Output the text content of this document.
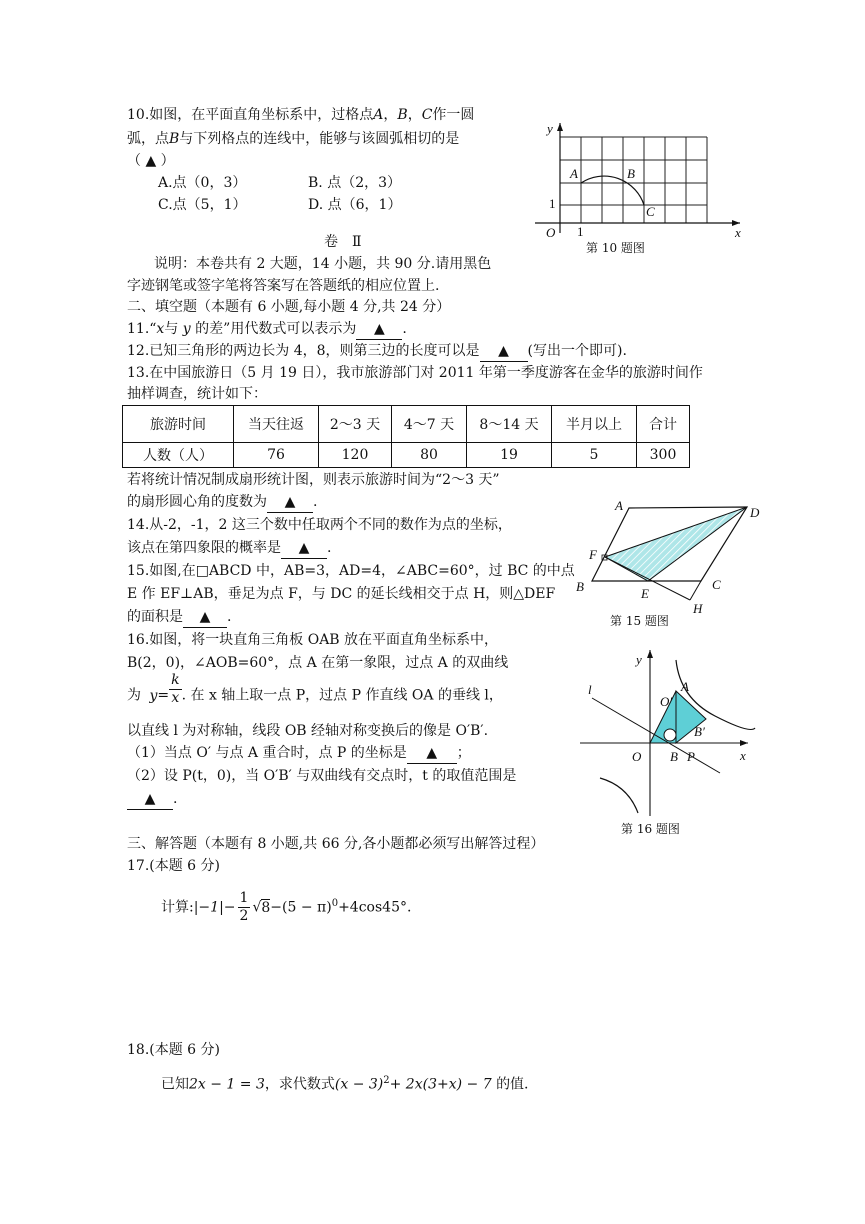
10.如图，在平面直角坐标系中，过格点A，B，C作一圆
弧，点B与下列格点的连线中，能够与该圆弧相切的是
（ ▲ ）
A.点（0，3）	B. 点（2，3）
C.点（5，1）	D. 点（6，1）
y
x
O
1
1
A	B
C
第 10 题图
卷　Ⅱ
说明：本卷共有 2 大题，14 小题，共 90 分.请用黑色
字迹钢笔或签字笔将答案写在答题纸的相应位置上.
二、填空题（本题有 6 小题,每小题 4 分,共 24 分）
11.“x与 y 的差”用代数式可以表示为 ▲ .
12.已知三角形的两边长为 4，8，则第三边的长度可以是 ▲ (写出一个即可).
13.在中国旅游日（5 月 19 日），我市旅游部门对 2011 年第一季度游客在金华的旅游时间作
抽样调查，统计如下：
旅游时间	当天往返	2～3 天	4～7 天	8～14 天	半月以上	合计
人数（人）	76	120	80	19	5	300
若将统计情况制成扇形统计图，则表示旅游时间为“2～3 天”
的扇形圆心角的度数为 ▲ .
14.从-2，-1，2 这三个数中任取两个不同的数作为点的坐标，
该点在第四象限的概率是 ▲ .
15.如图,在□ABCD 中，AB=3，AD=4，∠ABC=60°，过 BC 的中点
E 作 EF⊥AB，垂足为点 F，与 DC 的延长线相交于点 H，则△DEF
的面积是 ▲ .
A	D
F
B	E
C
H
第 15 题图
16.如图，将一块直角三角板 OAB 放在平面直角坐标系中，
B(2，0)，∠AOB=60°，点 A 在第一象限，过点 A 的双曲线
为 $y= \frac{k}{x}$ . 在 x 轴上取一点 P，过点 P 作直线 OA 的垂线 l，
以直线 l 为对称轴，线段 OB 经轴对称变换后的像是 O′B′.
（1）当点 O′ 与点 A 重合时，点 P 的坐标是 ▲ ；
（2）设 P(t，0)，当 O′B′ 与双曲线有交点时，t 的取值范围是
▲ .
y
x
O B P
A
O′
B′
l
第 16 题图
三、解答题（本题有 8 小题,共 66 分,各小题都必须写出解答过程）
17.(本题 6 分)
计算:|−1|− $\frac{1}{2} √8-(5 - \pi)^0+4\cos 45^\circ$.
18.(本题 6 分)
已知2x − 1 = 3，求代数式$(x - 3)^2+ 2x(3+x) - 7$ 的值.
